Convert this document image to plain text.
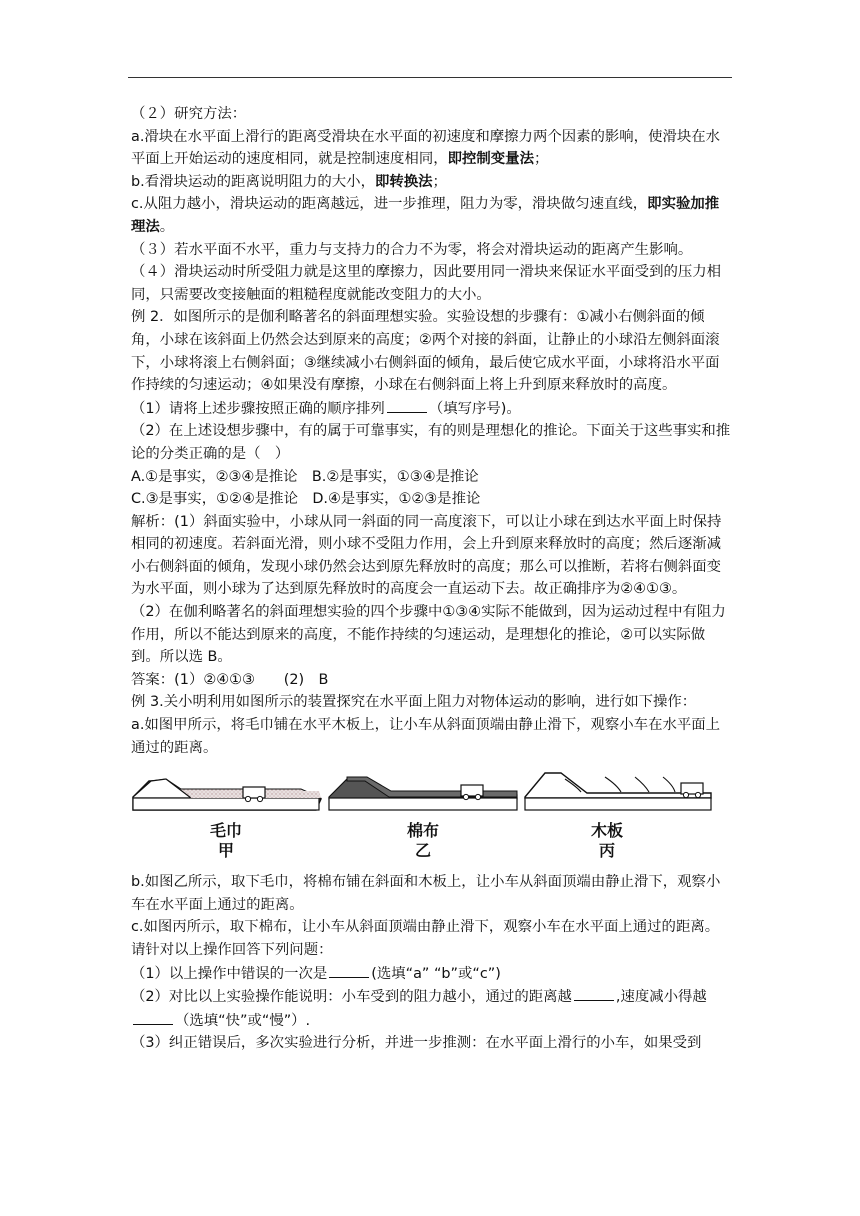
（２）研究方法：

a.滑块在水平面上滑行的距离受滑块在水平面的初速度和摩擦力两个因素的影响，使滑块在水平面上开始运动的速度相同，就是控制速度相同，即控制变量法；

b.看滑块运动的距离说明阻力的大小，即转换法；

c.从阻力越小，滑块运动的距离越远，进一步推理，阻力为零，滑块做匀速直线，即实验加推理法。

（３）若水平面不水平，重力与支持力的合力不为零，将会对滑块运动的距离产生影响。

（４）滑块运动时所受阻力就是这里的摩擦力，因此要用同一滑块来保证水平面受到的压力相同，只需要改变接触面的粗糙程度就能改变阻力的大小。

例 2．如图所示的是伽利略著名的斜面理想实验。实验设想的步骤有：①减小右侧斜面的倾角，小球在该斜面上仍然会达到原来的高度；②两个对接的斜面，让静止的小球沿左侧斜面滚下，小球将滚上右侧斜面；③继续减小右侧斜面的倾角，最后使它成水平面，小球将沿水平面作持续的匀速运动；④如果没有摩擦，小球在右侧斜面上将上升到原来释放时的高度。

（1）请将上述步骤按照正确的顺序排列	（填写序号)。

（2）在上述设想步骤中，有的属于可靠事实，有的则是理想化的推论。下面关于这些事实和推论的分类正确的是（　）

A.①是事实，②③④是推论　B.②是事实，①③④是推论

C.③是事实，①②④是推论　D.④是事实，①②③是推论

解析：(1）斜面实验中，小球从同一斜面的同一高度滚下，可以让小球在到达水平面上时保持相同的初速度。若斜面光滑，则小球不受阻力作用，会上升到原来释放时的高度；然后逐渐减小右侧斜面的倾角，发现小球仍然会达到原先释放时的高度；那么可以推断，若将右侧斜面变为水平面，则小球为了达到原先释放时的高度会一直运动下去。故正确排序为②④①③。

（2）在伽利略著名的斜面理想实验的四个步骤中①③④实际不能做到，因为运动过程中有阻力作用，所以不能达到原来的高度，不能作持续的匀速运动，是理想化的推论，②可以实际做到。所以选 B。

答案：(1）②④①③　　(2)　B

例 3.关小明利用如图所示的装置探究在水平面上阻力对物体运动的影响，进行如下操作：

a.如图甲所示，将毛巾铺在水平木板上，让小车从斜面顶端由静止滑下，观察小车在水平面上通过的距离。

毛巾
甲
棉布
乙
木板
丙

b.如图乙所示，取下毛巾，将棉布铺在斜面和木板上，让小车从斜面顶端由静止滑下，观察小车在水平面上通过的距离。

c.如图丙所示，取下棉布，让小车从斜面顶端由静止滑下，观察小车在水平面上通过的距离。

请针对以上操作回答下列问题：

（1）以上操作中错误的一次是	(选填“a” “b”或“c”)

（2）对比以上实验操作能说明：小车受到的阻力越小，通过的距离越	,速度减小得越（选填“快”或“慢”）.

（3）纠正错误后，多次实验进行分析，并进一步推测：在水平面上滑行的小车，如果受到
